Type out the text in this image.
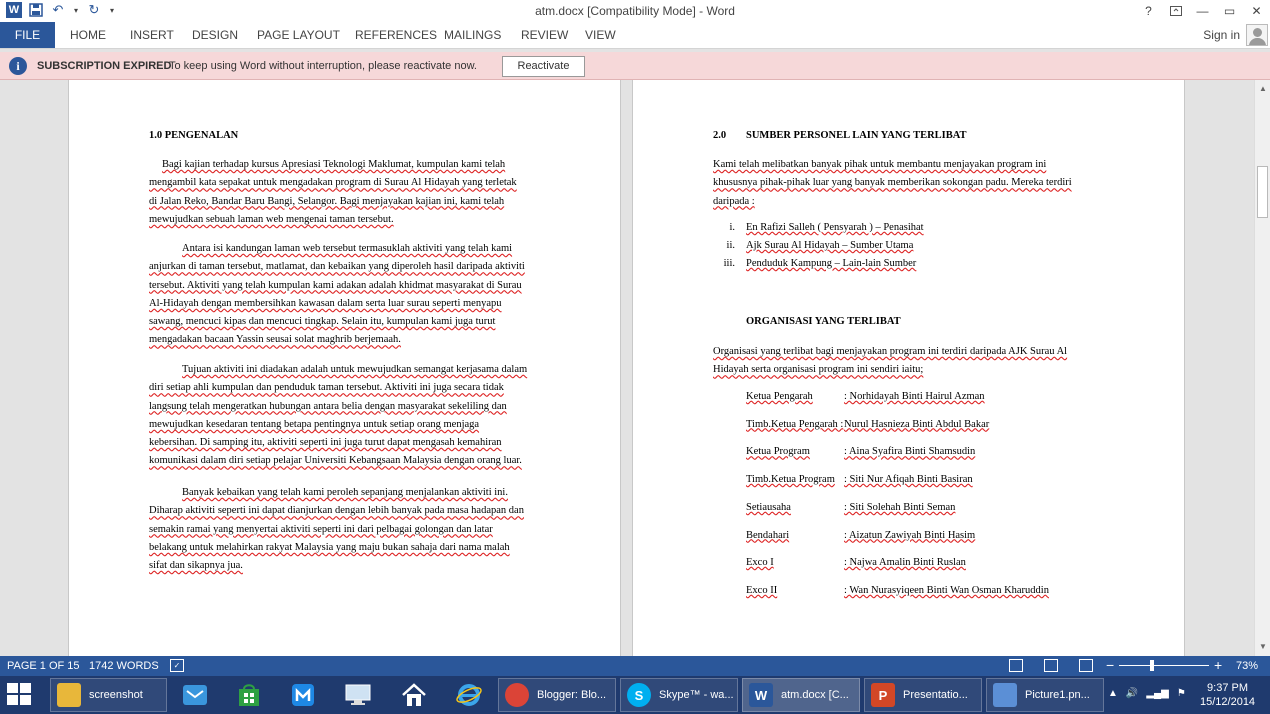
W	↶	▾ ↻	▾	atm.docx [Compatibility Mode] - Word	?	—	▭	✕
FILE	HOME INSERT DESIGN PAGE LAYOUT REFERENCES MAILINGS REVIEW VIEW	Sign in
i	SUBSCRIPTION EXPIRED
To keep using Word without interruption, please reactivate now.	Reactivate
1.0 PENGENALAN

Bagi kajian terhadap kursus Apresiasi Teknologi Maklumat, kumpulan kami telah

mengambil kata sepakat untuk mengadakan program di Surau Al Hidayah yang terletak

di Jalan Reko, Bandar Baru Bangi, Selangor. Bagi menjayakan kajian ini, kami telah

mewujudkan sebuah laman web mengenai taman tersebut.

Antara isi kandungan laman web tersebut termasuklah aktiviti yang telah kami

anjurkan di taman tersebut, matlamat, dan kebaikan yang diperoleh hasil daripada aktiviti

tersebut. Aktiviti yang telah kumpulan kami adakan adalah khidmat masyarakat di Surau

Al-Hidayah dengan membersihkan kawasan dalam serta luar surau seperti menyapu

sawang, mencuci kipas dan mencuci tingkap. Selain itu, kumpulan kami juga turut

mengadakan bacaan Yassin seusai solat maghrib berjemaah.

Tujuan aktiviti ini diadakan adalah untuk mewujudkan semangat kerjasama dalam

diri setiap ahli kumpulan dan penduduk taman tersebut. Aktiviti ini juga secara tidak

langsung telah mengeratkan hubungan antara belia dengan masyarakat sekeliling dan

mewujudkan kesedaran tentang betapa pentingnya untuk setiap orang menjaga

kebersihan. Di samping itu, aktiviti seperti ini juga turut dapat mengasah kemahiran

komunikasi dalam diri setiap pelajar Universiti Kebangsaan Malaysia dengan orang luar.

Banyak kebaikan yang telah kami peroleh sepanjang menjalankan aktiviti ini.

Diharap aktiviti seperti ini dapat dianjurkan dengan lebih banyak pada masa hadapan dan

semakin ramai yang menyertai aktiviti seperti ini dari pelbagai golongan dan latar

belakang untuk melahirkan rakyat Malaysia yang maju bukan sahaja dari nama malah

sifat dan sikapnya jua.

2.0 SUMBER PERSONEL LAIN YANG TERLIBAT

Kami telah melibatkan banyak pihak untuk membantu menjayakan program ini

khususnya pihak-pihak luar yang banyak memberikan sokongan padu. Mereka terdiri

daripada :

i. En Rafizi Salleh ( Pensyarah ) – Penasihat
ii. Ajk Surau Al Hidayah – Sumber Utama
iii. Penduduk Kampung – Lain-lain Sumber
ORGANISASI YANG TERLIBAT

Organisasi yang terlibat bagi menjayakan program ini terdiri daripada AJK Surau Al

Hidayah serta organisasi program ini sendiri iaitu;

Ketua Pengarah	: Norhidayah Binti Hairul Azman
Timb.Ketua Pengarah : Nurul Hasnieza Binti Abdul Bakar
Ketua Program	: Aina Syafira Binti Shamsudin
Timb.Ketua Program : Siti Nur Afiqah Binti Basiran
Setiausaha	: Siti Solehah Binti Seman
Bendahari	: Aizatun Zawiyah Binti Hasim
Exco I	: Najwa Amalin Binti Ruslan
Exco II	: Wan Nurasyiqeen Binti Wan Osman Kharuddin
▲
▼
PAGE 1 OF 15 1742 WORDS	✓	−	+ 73%
screenshot	Blogger: Blo...	S	Skype™ - wa...	W	atm.docx [C...	P	Presentatio...	Picture1.pn... ▲ 🔊 ▂▄▆ ⚑	9:37 PM
15/12/2014
